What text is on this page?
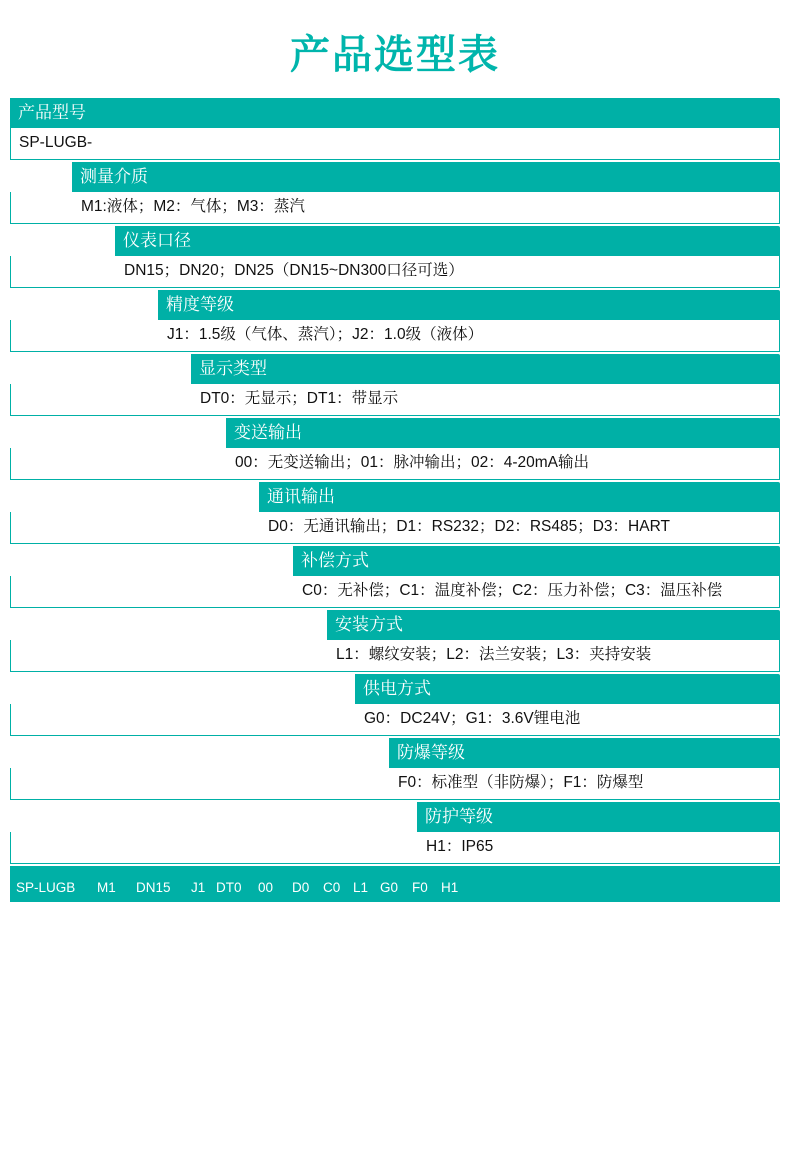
产品选型表
产品型号
SP-LUGB-
测量介质
M1:液体；M2：气体；M3：蒸汽
仪表口径
DN15；DN20；DN25（DN15~DN300口径可选）
精度等级
J1：1.5级（气体、蒸汽）；J2：1.0级（液体）
显示类型
DT0：无显示；DT1：带显示
变送输出
00：无变送输出；01：脉冲输出；02：4-20mA输出
通讯输出
D0：无通讯输出；D1：RS232；D2：RS485；D3：HART
补偿方式
C0：无补偿；C1：温度补偿；C2：压力补偿；C3：温压补偿
安装方式
L1：螺纹安装；L2：法兰安装；L3：夹持安装
供电方式
G0：DC24V；G1：3.6V锂电池
防爆等级
F0：标准型（非防爆）；F1：防爆型
防护等级
H1：IP65
SP-LUGB M1 DN15 J1 DT0 00 D0 C0 L1 G0 F0 H1
